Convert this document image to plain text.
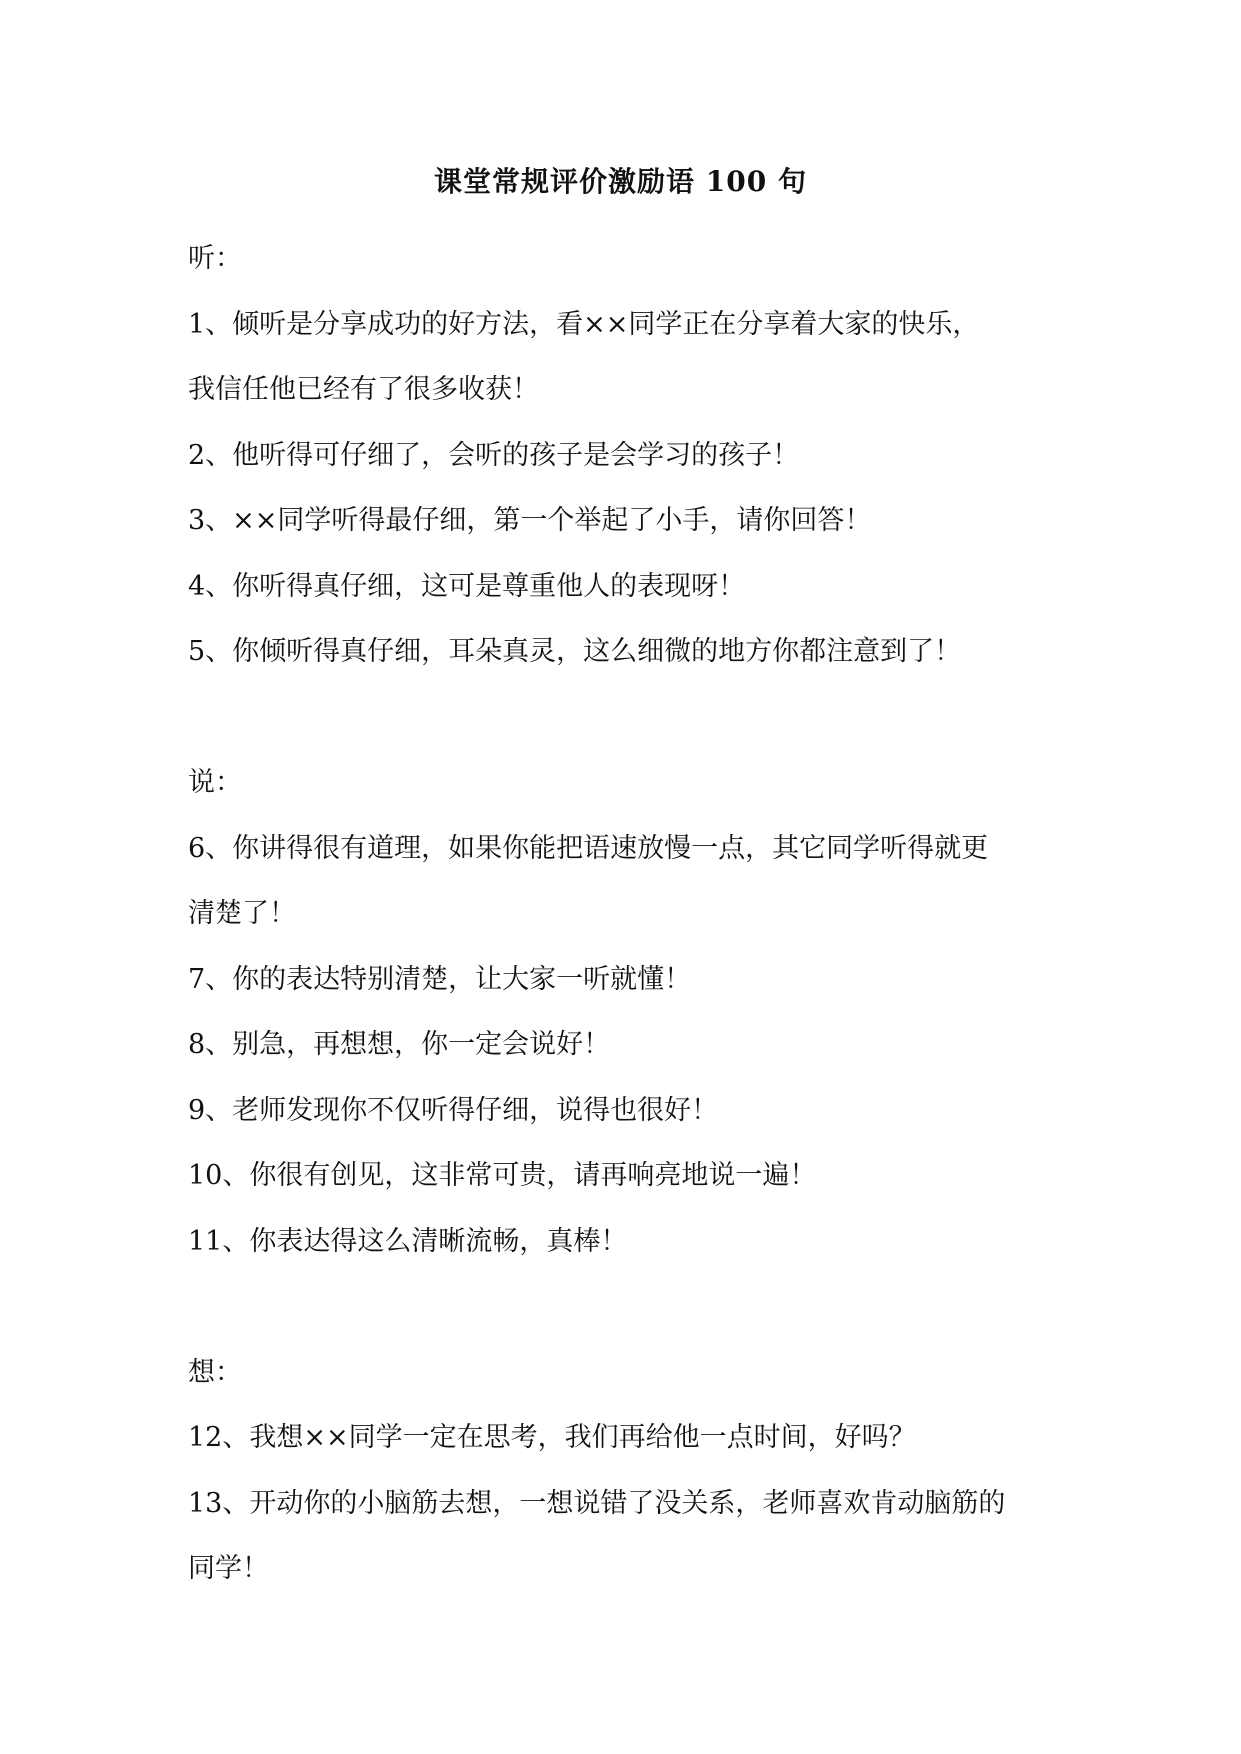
课堂常规评价激励语 100 句

听：

1、倾听是分享成功的好方法，看××同学正在分享着大家的快乐，

我信任他已经有了很多收获！

2、他听得可仔细了，会听的孩子是会学习的孩子！

3、××同学听得最仔细，第一个举起了小手，请你回答！

4、你听得真仔细，这可是尊重他人的表现呀！

5、你倾听得真仔细，耳朵真灵，这么细微的地方你都注意到了！

说：

6、你讲得很有道理，如果你能把语速放慢一点，其它同学听得就更

清楚了！

7、你的表达特别清楚，让大家一听就懂！

8、别急，再想想，你一定会说好！

9、老师发现你不仅听得仔细，说得也很好！

10、你很有创见，这非常可贵，请再响亮地说一遍！

11、你表达得这么清晰流畅，真棒！

想：

12、我想××同学一定在思考，我们再给他一点时间，好吗？

13、开动你的小脑筋去想，一想说错了没关系，老师喜欢肯动脑筋的

同学！
